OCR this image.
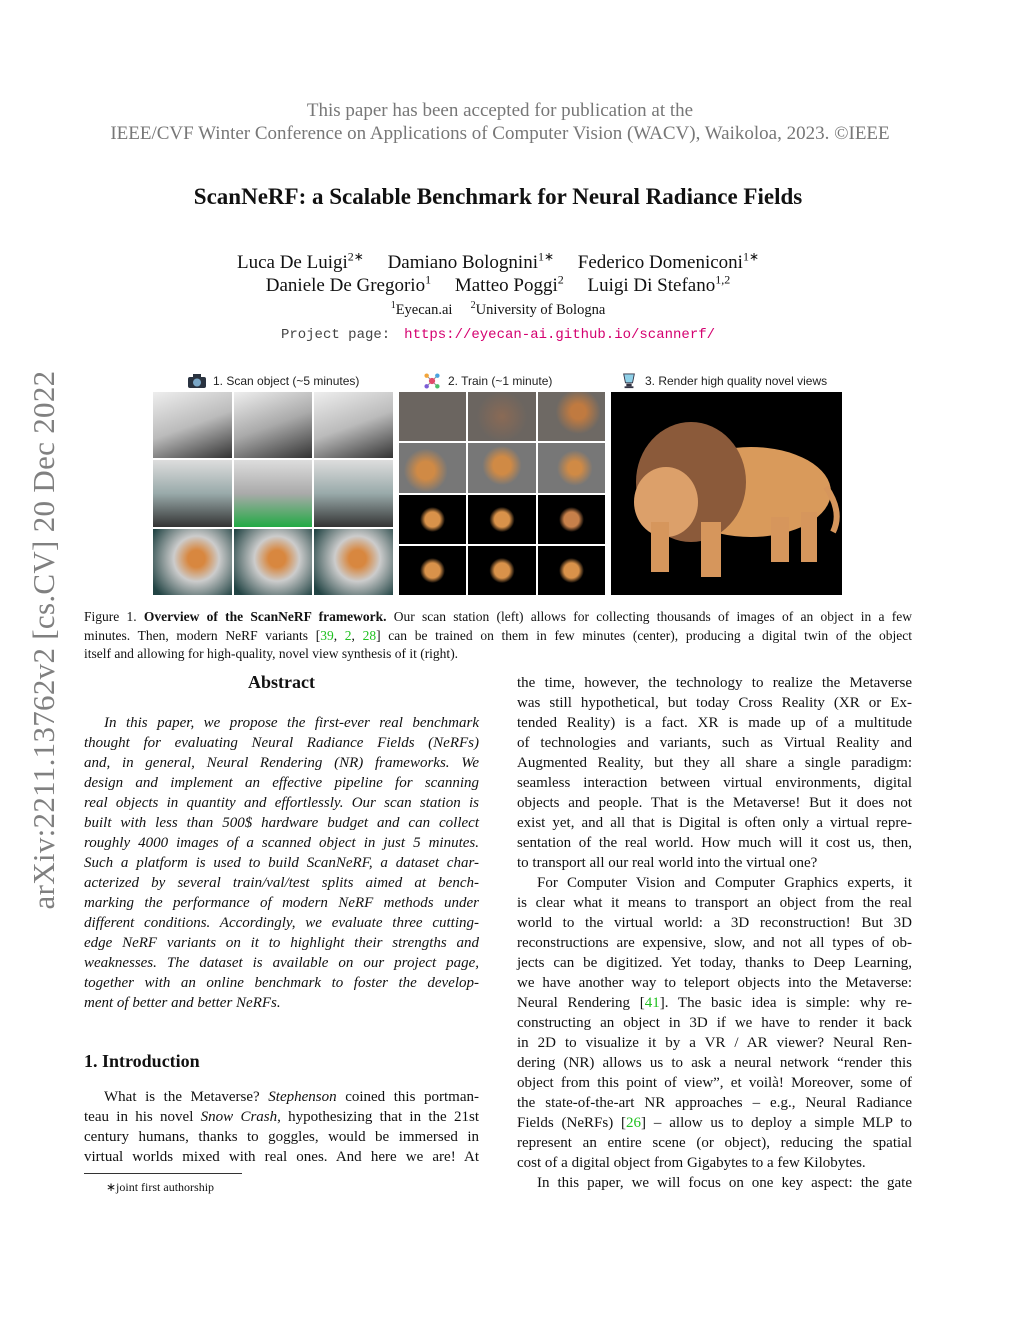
This paper has been accepted for publication at the
IEEE/CVF Winter Conference on Applications of Computer Vision (WACV), Waikoloa, 2023. ©IEEE
ScanNeRF: a Scalable Benchmark for Neural Radiance Fields
Luca De Luigi$^{2∗}$ Damiano Bolognini$^{1∗}$ Federico Domeniconi$^{1∗}$
Daniele De Gregorio$^1$ Matteo Poggi$^2$ Luigi Di Stefano$^{1,2}$
$^1$Eyecan.ai $^2$University of Bologna
Project page: https://eyecan-ai.github.io/scannerf/
arXiv:2211.13762v2 [cs.CV] 20 Dec 2022	1. Scan object (~5 minutes)	2. Train (~1 minute)	3. Render high quality novel views
Figure 1. Overview of the ScanNeRF framework. Our scan station (left) allows for collecting thousands of images of an object in a few
minutes. Then, modern NeRF variants [39, 2, 28] can be trained on them in few minutes (center), producing a digital twin of the object
itself and allowing for high-quality, novel view synthesis of it (right).
Abstract
In this paper, we propose the first-ever real benchmark
thought for evaluating Neural Radiance Fields (NeRFs)
and, in general, Neural Rendering (NR) frameworks. We
design and implement an effective pipeline for scanning
real objects in quantity and effortlessly. Our scan station is
built with less than 500$ hardware budget and can collect
roughly 4000 images of a scanned object in just 5 minutes.
Such a platform is used to build ScanNeRF, a dataset char-
acterized by several train/val/test splits aimed at bench-
marking the performance of modern NeRF methods under
different conditions. Accordingly, we evaluate three cutting-
edge NeRF variants on it to highlight their strengths and
weaknesses. The dataset is available on our project page,
together with an online benchmark to foster the develop-
ment of better and better NeRFs.
1. Introduction
What is the Metaverse? Stephenson coined this portman-
teau in his novel Snow Crash, hypothesizing that in the 21st
century humans, thanks to goggles, would be immersed in
virtual worlds mixed with real ones. And here we are! At
∗joint first authorship
the time, however, the technology to realize the Metaverse
was still hypothetical, but today Cross Reality (XR or Ex-
tended Reality) is a fact. XR is made up of a multitude
of technologies and variants, such as Virtual Reality and
Augmented Reality, but they all share a single paradigm:
seamless interaction between virtual environments, digital
objects and people. That is the Metaverse! But it does not
exist yet, and all that is Digital is often only a virtual repre-
sentation of the real world. How much will it cost us, then,
to transport all our real world into the virtual one?
For Computer Vision and Computer Graphics experts, it
is clear what it means to transport an object from the real
world to the virtual world: a 3D reconstruction! But 3D
reconstructions are expensive, slow, and not all types of ob-
jects can be digitized. Yet today, thanks to Deep Learning,
we have another way to teleport objects into the Metaverse:
Neural Rendering [41]. The basic idea is simple: why re-
constructing an object in 3D if we have to render it back
in 2D to visualize it by a VR / AR viewer? Neural Ren-
dering (NR) allows us to ask a neural network “render this
object from this point of view”, et voilà! Moreover, some of
the state-of-the-art NR approaches – e.g., Neural Radiance
Fields (NeRFs) [26] – allow us to deploy a simple MLP to
represent an entire scene (or object), reducing the spatial
cost of a digital object from Gigabytes to a few Kilobytes.
In this paper, we will focus on one key aspect: the gate
